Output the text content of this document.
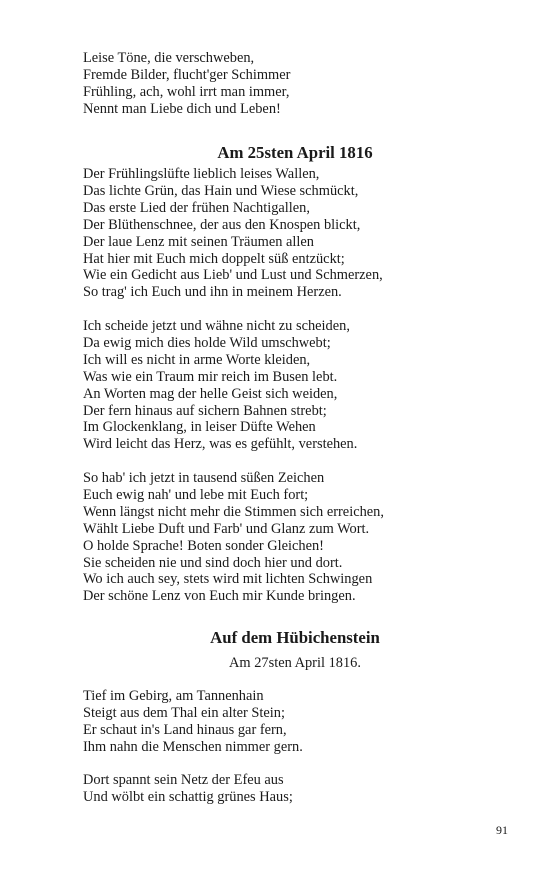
Leise Töne, die verschweben,
Fremde Bilder, flucht'ger Schimmer
Frühling, ach, wohl irrt man immer,
Nennt man Liebe dich und Leben!
Am 25sten April 1816
Der Frühlingslüfte lieblich leises Wallen,
Das lichte Grün, das Hain und Wiese schmückt,
Das erste Lied der frühen Nachtigallen,
Der Blüthenschnee, der aus den Knospen blickt,
Der laue Lenz mit seinen Träumen allen
Hat hier mit Euch mich doppelt süß entzückt;
Wie ein Gedicht aus Lieb' und Lust und Schmerzen,
So trag' ich Euch und ihn in meinem Herzen.
Ich scheide jetzt und wähne nicht zu scheiden,
Da ewig mich dies holde Wild umschwebt;
Ich will es nicht in arme Worte kleiden,
Was wie ein Traum mir reich im Busen lebt.
An Worten mag der helle Geist sich weiden,
Der fern hinaus auf sichern Bahnen strebt;
Im Glockenklang, in leiser Düfte Wehen
Wird leicht das Herz, was es gefühlt, verstehen.
So hab' ich jetzt in tausend süßen Zeichen
Euch ewig nah' und lebe mit Euch fort;
Wenn längst nicht mehr die Stimmen sich erreichen,
Wählt Liebe Duft und Farb' und Glanz zum Wort.
O holde Sprache! Boten sonder Gleichen!
Sie scheiden nie und sind doch hier und dort.
Wo ich auch sey, stets wird mit lichten Schwingen
Der schöne Lenz von Euch mir Kunde bringen.
Auf dem Hübichenstein
Am 27sten April 1816.
Tief im Gebirg, am Tannenhain
Steigt aus dem Thal ein alter Stein;
Er schaut in's Land hinaus gar fern,
Ihm nahn die Menschen nimmer gern.
Dort spannt sein Netz der Efeu aus
Und wölbt ein schattig grünes Haus;
91
